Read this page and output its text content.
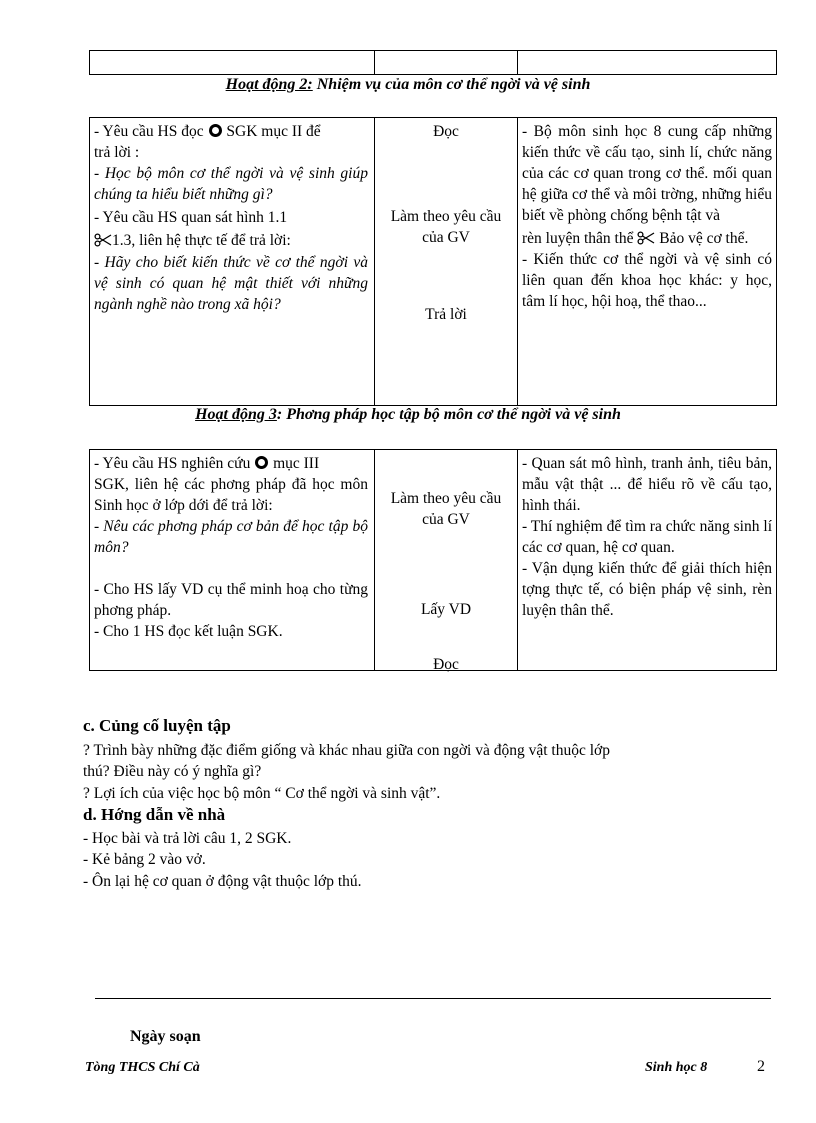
Hoạt động 2: Nhiệm vụ của môn cơ thể ngời và vệ sinh
- Yêu cầu HS đọc  SGK mục II để
trả lời :
- Học bộ môn cơ thể ngời và vệ sinh giúp chúng ta hiểu biết những gì?
- Yêu cầu HS quan sát hình 1.1
1.3, liên hệ thực tế để trả lời:
- Hãy cho biết kiến thức về cơ thể ngời và vệ sinh có quan hệ mật thiết với những ngành nghề nào trong xã hội?
Đọc
Làm theo yêu cầu của GV
Trả lời
- Bộ môn sinh học 8 cung cấp những kiến thức về cấu tạo, sinh lí, chức năng của các cơ quan trong cơ thể. mối quan hệ giữa cơ thể và môi trờng, những hiểu biết về phòng chống bệnh tật và
rèn luyện thân thể  Bảo vệ cơ thể.
- Kiến thức cơ thể ngời và vệ sinh có liên quan đến khoa học khác: y học, tâm lí học, hội hoạ, thể thao...
Hoạt động 3: Phơng pháp học tập bộ môn cơ thể ngời và vệ sinh
- Yêu cầu HS nghiên cứu  mục III
SGK, liên hệ các phơng pháp đã học môn Sinh học ở lớp dới để trả lời:
- Nêu các phơng pháp cơ bản để học tập bộ môn?
- Cho HS lấy VD cụ thể minh hoạ cho từng phơng pháp.
- Cho 1 HS đọc kết luận SGK.
Làm theo yêu cầu của GV
Lấy VD
Đọc
- Quan sát mô hình, tranh ảnh, tiêu bản, mẫu vật thật ... để hiểu rõ về cấu tạo, hình thái.
- Thí nghiệm để tìm ra chức năng sinh lí các cơ quan, hệ cơ quan.
- Vận dụng kiến thức để giải thích hiện tợng thực tế, có biện pháp vệ sinh, rèn luyện thân thể.
c. Củng cố luyện tập
? Trình bày những đặc điểm giống và khác nhau giữa con ngời và động vật thuộc lớp
thú? Điều này có ý nghĩa gì?
? Lợi ích của việc học bộ môn “ Cơ thể ngời và sinh vật”.
d. Hớng dẫn về nhà
- Học bài và trả lời câu 1, 2 SGK.
- Kẻ bảng 2 vào vở.
- Ôn lại hệ cơ quan ở động vật thuộc lớp thú.
Ngày soạn
Tòng THCS Chí Cà	Sinh học 8	2
